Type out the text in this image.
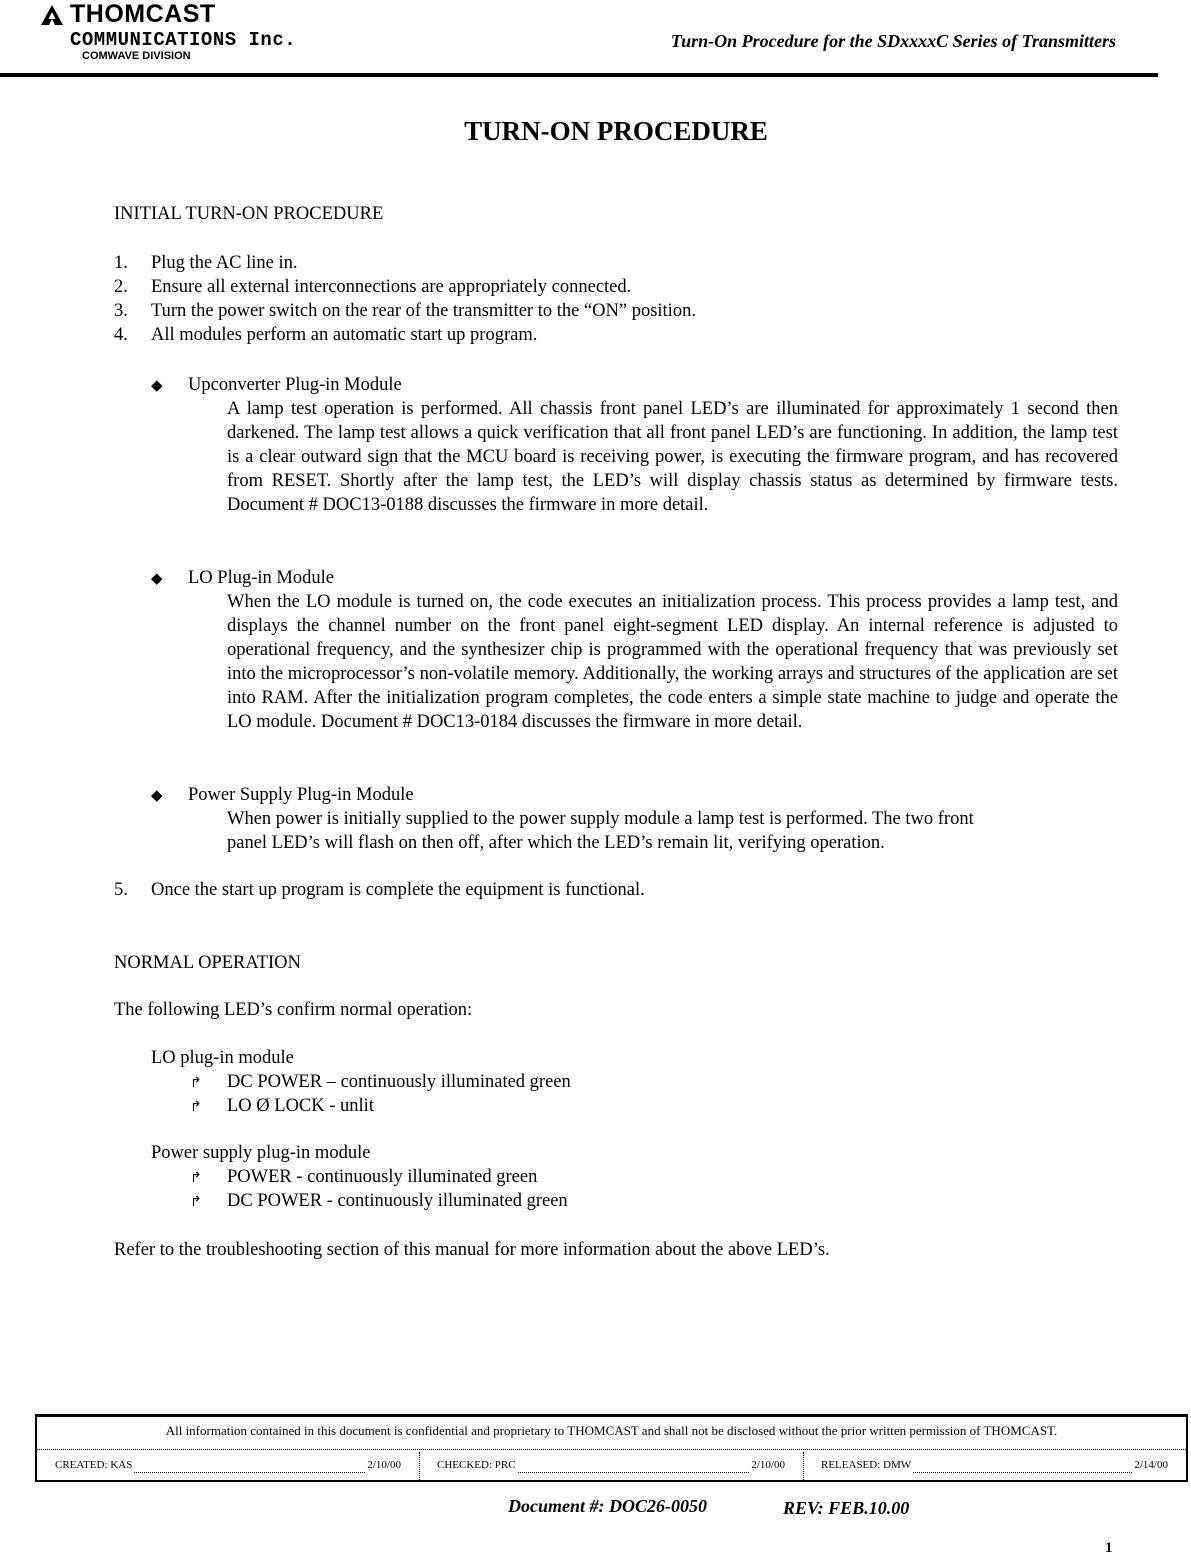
THOMCAST
COMMUNICATIONS Inc.
COMWAVE DIVISION
Turn-On Procedure for the SDxxxxC Series of Transmitters
TURN-ON PROCEDURE
INITIAL TURN-ON PROCEDURE
1. Plug the AC line in.
2. Ensure all external interconnections are appropriately connected.
3. Turn the power switch on the rear of the transmitter to the “ON” position.
4. All modules perform an automatic start up program.
◆ Upconverter Plug-in Module
A lamp test operation is performed. All chassis front panel LED’s are illuminated for approximately 1 second then darkened. The lamp test allows a quick verification that all front panel LED’s are functioning. In addition, the lamp test is a clear outward sign that the MCU board is receiving power, is executing the firmware program, and has recovered from RESET. Shortly after the lamp test, the LED’s will display chassis status as determined by firmware tests. Document # DOC13-0188 discusses the firmware in more detail.
◆ LO Plug-in Module
When the LO module is turned on, the code executes an initialization process. This process provides a lamp test, and displays the channel number on the front panel eight-segment LED display. An internal reference is adjusted to operational frequency, and the synthesizer chip is programmed with the operational frequency that was previously set into the microprocessor’s non-volatile memory. Additionally, the working arrays and structures of the application are set into RAM. After the initialization program completes, the code enters a simple state machine to judge and operate the LO module. Document # DOC13-0184 discusses the firmware in more detail.
◆ Power Supply Plug-in Module
When power is initially supplied to the power supply module a lamp test is performed. The two front
panel LED’s will flash on then off, after which the LED’s remain lit, verifying operation.
5. Once the start up program is complete the equipment is functional.
NORMAL OPERATION
The following LED’s confirm normal operation:
LO plug-in module
↱ DC POWER – continuously illuminated green
↱ LO Ø LOCK - unlit
Power supply plug-in module
↱ POWER - continuously illuminated green
↱ DC POWER - continuously illuminated green
Refer to the troubleshooting section of this manual for more information about the above LED’s.
All information contained in this document is confidential and proprietary to THOMCAST and shall not be disclosed without the prior written permission of THOMCAST.
CREATED: KAS	2/10/00	CHECKED: PRC	2/10/00	RELEASED: DMW	2/14/00
Document #: DOC26-0050	REV: FEB.10.00
1
